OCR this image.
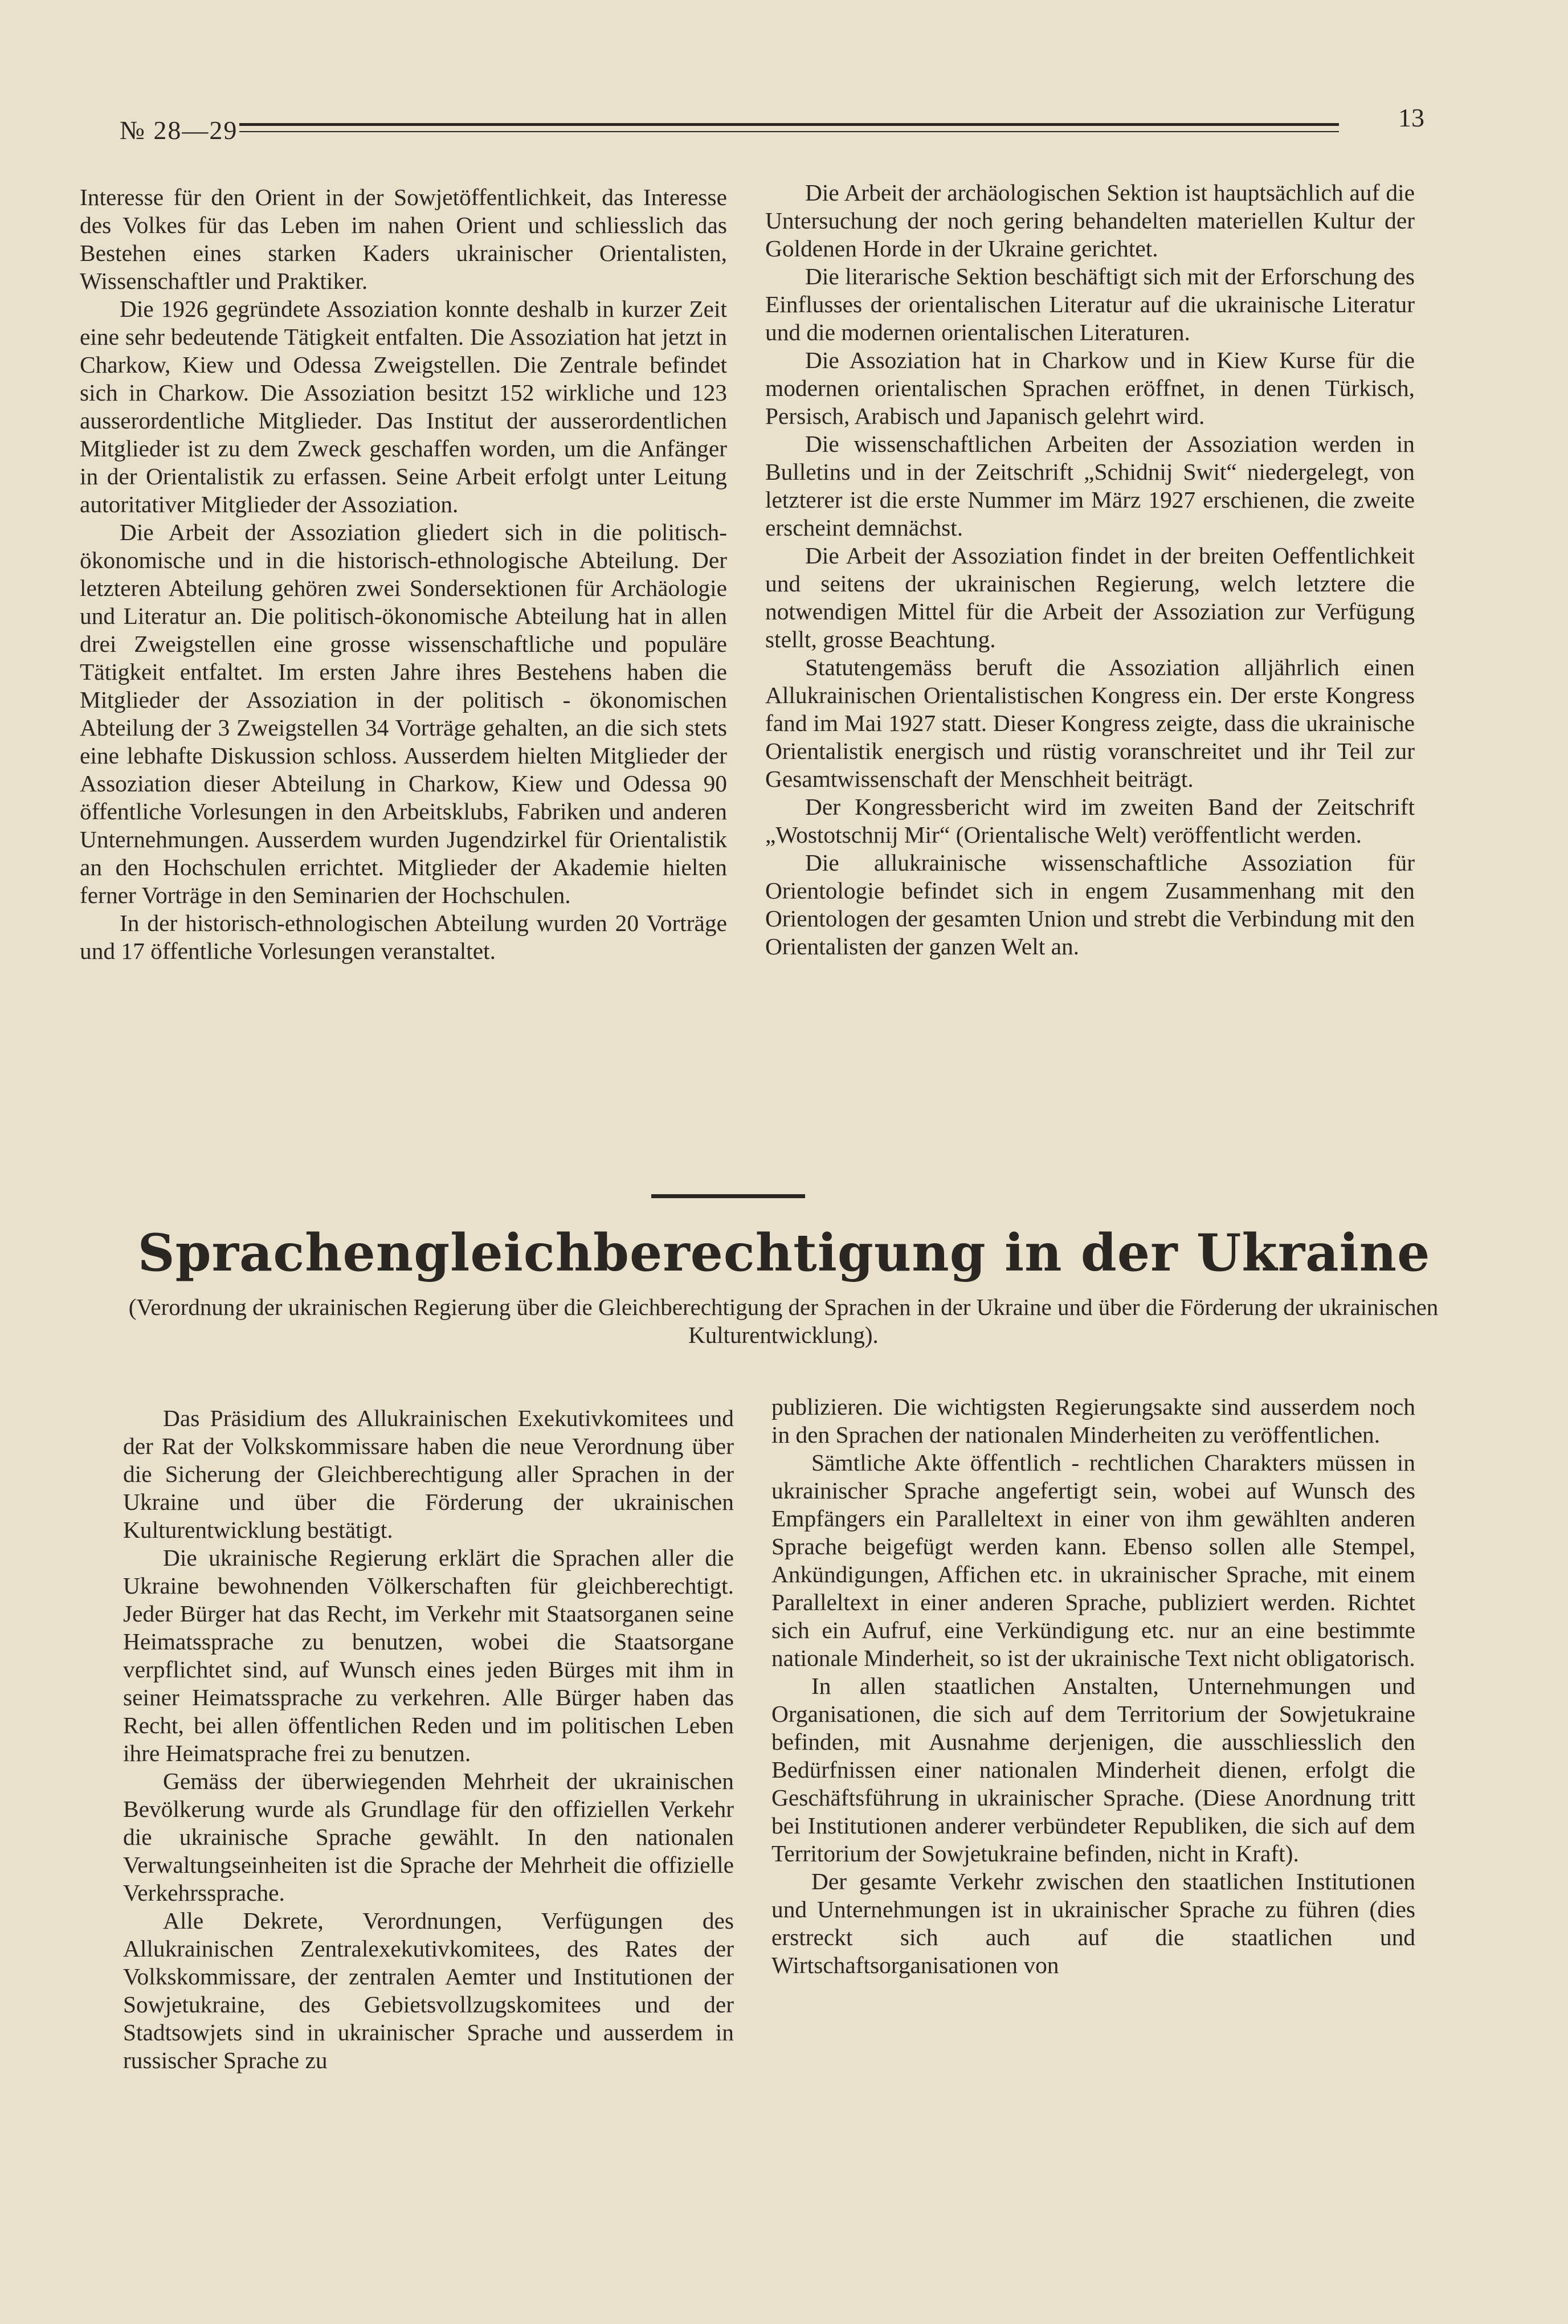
№ 28—29	13

Interesse für den Orient in der Sowjetöffentlichkeit, das Interesse des Volkes für das Leben im nahen Orient und schliesslich das Bestehen eines starken Kaders ukrainischer Orientalisten, Wissenschaftler und Praktiker.

Die 1926 gegründete Assoziation konnte deshalb in kurzer Zeit eine sehr bedeutende Tätigkeit entfalten. Die Assoziation hat jetzt in Charkow, Kiew und Odessa Zweigstellen. Die Zentrale befindet sich in Charkow. Die Assoziation besitzt 152 wirkliche und 123 ausserordentliche Mitglieder. Das Institut der ausserordentlichen Mitglieder ist zu dem Zweck geschaffen worden, um die Anfänger in der Orientalistik zu erfassen. Seine Arbeit erfolgt unter Leitung autoritativer Mitglieder der Assoziation.

Die Arbeit der Assoziation gliedert sich in die politisch-ökonomische und in die historisch-ethnologische Abteilung. Der letzteren Abteilung gehören zwei Sondersektionen für Archäologie und Literatur an. Die politisch-ökonomische Abteilung hat in allen drei Zweigstellen eine grosse wissenschaftliche und populäre Tätigkeit entfaltet. Im ersten Jahre ihres Bestehens haben die Mitglieder der Assoziation in der politisch - ökonomischen Abteilung der 3 Zweigstellen 34 Vorträge gehalten, an die sich stets eine lebhafte Diskussion schloss. Ausserdem hielten Mitglieder der Assoziation dieser Abteilung in Charkow, Kiew und Odessa 90 öffentliche Vorlesungen in den Arbeitsklubs, Fabriken und anderen Unternehmungen. Ausserdem wurden Jugendzirkel für Orientalistik an den Hochschulen errichtet. Mitglieder der Akademie hielten ferner Vorträge in den Seminarien der Hochschulen.

In der historisch-ethnologischen Abteilung wurden 20 Vorträge und 17 öffentliche Vorlesungen veranstaltet.

Die Arbeit der archäologischen Sektion ist hauptsächlich auf die Untersuchung der noch gering behandelten materiellen Kultur der Goldenen Horde in der Ukraine gerichtet.

Die literarische Sektion beschäftigt sich mit der Erforschung des Einflusses der orientalischen Literatur auf die ukrainische Literatur und die modernen orientalischen Literaturen.

Die Assoziation hat in Charkow und in Kiew Kurse für die modernen orientalischen Sprachen eröffnet, in denen Türkisch, Persisch, Arabisch und Japanisch gelehrt wird.

Die wissenschaftlichen Arbeiten der Assoziation werden in Bulletins und in der Zeitschrift „Schidnij Swit“ niedergelegt, von letzterer ist die erste Nummer im März 1927 erschienen, die zweite erscheint demnächst.

Die Arbeit der Assoziation findet in der breiten Oeffentlichkeit und seitens der ukrainischen Regierung, welch letztere die notwendigen Mittel für die Arbeit der Assoziation zur Verfügung stellt, grosse Beachtung.

Statutengemäss beruft die Assoziation alljährlich einen Allukrainischen Orientalistischen Kongress ein. Der erste Kongress fand im Mai 1927 statt. Dieser Kongress zeigte, dass die ukrainische Orientalistik energisch und rüstig voranschreitet und ihr Teil zur Gesamtwissenschaft der Menschheit beiträgt.

Der Kongressbericht wird im zweiten Band der Zeitschrift „Wostotschnij Mir“ (Orientalische Welt) veröffentlicht werden.

Die allukrainische wissenschaftliche Assoziation für Orientologie befindet sich in engem Zusammenhang mit den Orientologen der gesamten Union und strebt die Verbindung mit den Orientalisten der ganzen Welt an.

Sprachengleichberechtigung in der Ukraine
(Verordnung der ukrainischen Regierung über die Gleichberechtigung der Sprachen in der Ukraine und über die Förderung der ukrainischen Kulturentwicklung).

Das Präsidium des Allukrainischen Exekutivkomitees und der Rat der Volkskommissare haben die neue Verordnung über die Sicherung der Gleichberechtigung aller Sprachen in der Ukraine und über die Förderung der ukrainischen Kulturentwicklung bestätigt.

Die ukrainische Regierung erklärt die Sprachen aller die Ukraine bewohnenden Völkerschaften für gleichberechtigt. Jeder Bürger hat das Recht, im Verkehr mit Staatsorganen seine Heimatssprache zu benutzen, wobei die Staatsorgane verpflichtet sind, auf Wunsch eines jeden Bürges mit ihm in seiner Heimatssprache zu verkehren. Alle Bürger haben das Recht, bei allen öffentlichen Reden und im politischen Leben ihre Heimatsprache frei zu benutzen.

Gemäss der überwiegenden Mehrheit der ukrainischen Bevölkerung wurde als Grundlage für den offiziellen Verkehr die ukrainische Sprache gewählt. In den nationalen Verwaltungseinheiten ist die Sprache der Mehrheit die offizielle Verkehrssprache.

Alle Dekrete, Verordnungen, Verfügungen des Allukrainischen Zentralexekutivkomitees, des Rates der Volkskommissare, der zentralen Aemter und Institutionen der Sowjetukraine, des Gebietsvollzugskomitees und der Stadtsowjets sind in ukrainischer Sprache und ausserdem in russischer Sprache zu

publizieren. Die wichtigsten Regierungsakte sind ausserdem noch in den Sprachen der nationalen Minderheiten zu veröffentlichen.

Sämtliche Akte öffentlich - rechtlichen Charakters müssen in ukrainischer Sprache angefertigt sein, wobei auf Wunsch des Empfängers ein Paralleltext in einer von ihm gewählten anderen Sprache beigefügt werden kann. Ebenso sollen alle Stempel, Ankündigungen, Affichen etc. in ukrainischer Sprache, mit einem Paralleltext in einer anderen Sprache, publiziert werden. Richtet sich ein Aufruf, eine Verkündigung etc. nur an eine bestimmte nationale Minderheit, so ist der ukrainische Text nicht obligatorisch.

In allen staatlichen Anstalten, Unternehmungen und Organisationen, die sich auf dem Territorium der Sowjetukraine befinden, mit Ausnahme derjenigen, die ausschliesslich den Bedürfnissen einer nationalen Minderheit dienen, erfolgt die Geschäftsführung in ukrainischer Sprache. (Diese Anordnung tritt bei Institutionen anderer verbündeter Republiken, die sich auf dem Territorium der Sowjetukraine befinden, nicht in Kraft).

Der gesamte Verkehr zwischen den staatlichen Institutionen und Unternehmungen ist in ukrainischer Sprache zu führen (dies erstreckt sich auch auf die staatlichen und Wirtschaftsorganisationen von
